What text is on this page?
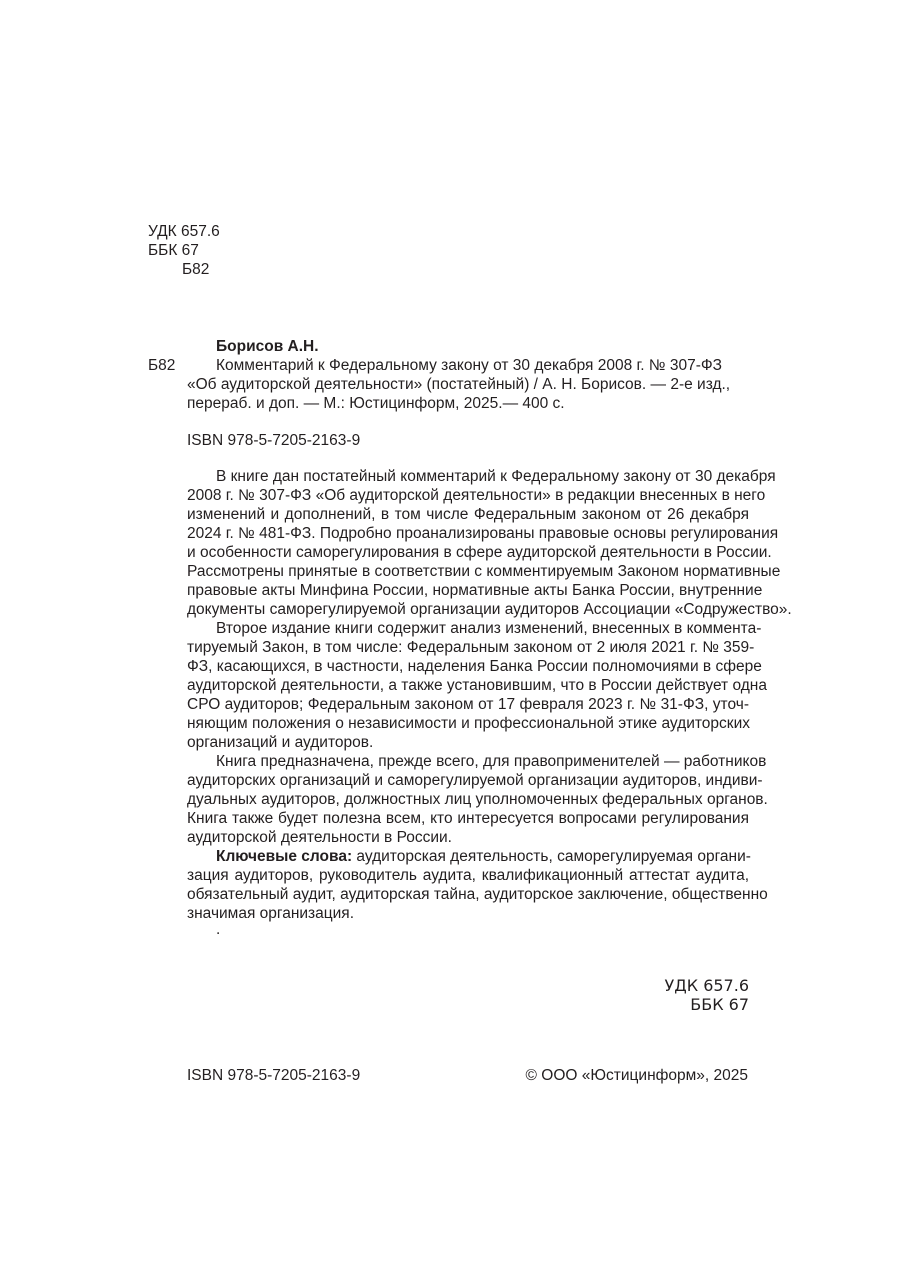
УДК 657.6
ББК 67
Б82
Борисов А.Н.
Б82	Комментарий к Федеральному закону от 30 декабря 2008 г. № 307-ФЗ
«Об аудиторской деятельности» (постатейный) / А. Н. Борисов. — 2-е изд.,
перераб. и доп. — М.: Юстицинформ, 2025.— 400 с.
ISBN 978-5-7205-2163-9
В книге дан постатейный комментарий к Федеральному закону от 30 декабря
2008 г. № 307-ФЗ «Об аудиторской деятельности» в редакции внесенных в него
изменений и дополнений, в том числе Федеральным законом от 26 декабря
2024 г. № 481-ФЗ. Подробно проанализированы правовые основы регулирования
и особенности саморегулирования в сфере аудиторской деятельности в России.
Рассмотрены принятые в соответствии с комментируемым Законом нормативные
правовые акты Минфина России, нормативные акты Банка России, внутренние
документы саморегулируемой организации аудиторов Ассоциации «Содружество».
Второе издание книги содержит анализ изменений, внесенных в коммента-
тируемый Закон, в том числе: Федеральным законом от 2 июля 2021 г. № 359-
ФЗ, касающихся, в частности, наделения Банка России полномочиями в сфере
аудиторской деятельности, а также установившим, что в России действует одна
СРО аудиторов; Федеральным законом от 17 февраля 2023 г. № 31-ФЗ, уточ-
няющим положения о независимости и профессиональной этике аудиторских
организаций и аудиторов.
Книга предназначена, прежде всего, для правоприменителей — работников
аудиторских организаций и саморегулируемой организации аудиторов, индиви-
дуальных аудиторов, должностных лиц уполномоченных федеральных органов.
Книга также будет полезна всем, кто интересуется вопросами регулирования
аудиторской деятельности в России.
Ключевые слова: аудиторская деятельность, саморегулируемая органи-
зация аудиторов, руководитель аудита, квалификационный аттестат аудита,
обязательный аудит, аудиторская тайна, аудиторское заключение, общественно
значимая организация.
.
УДК 657.6
ББК 67
ISBN 978-5-7205-2163-9	© ООО «Юстицинформ», 2025
